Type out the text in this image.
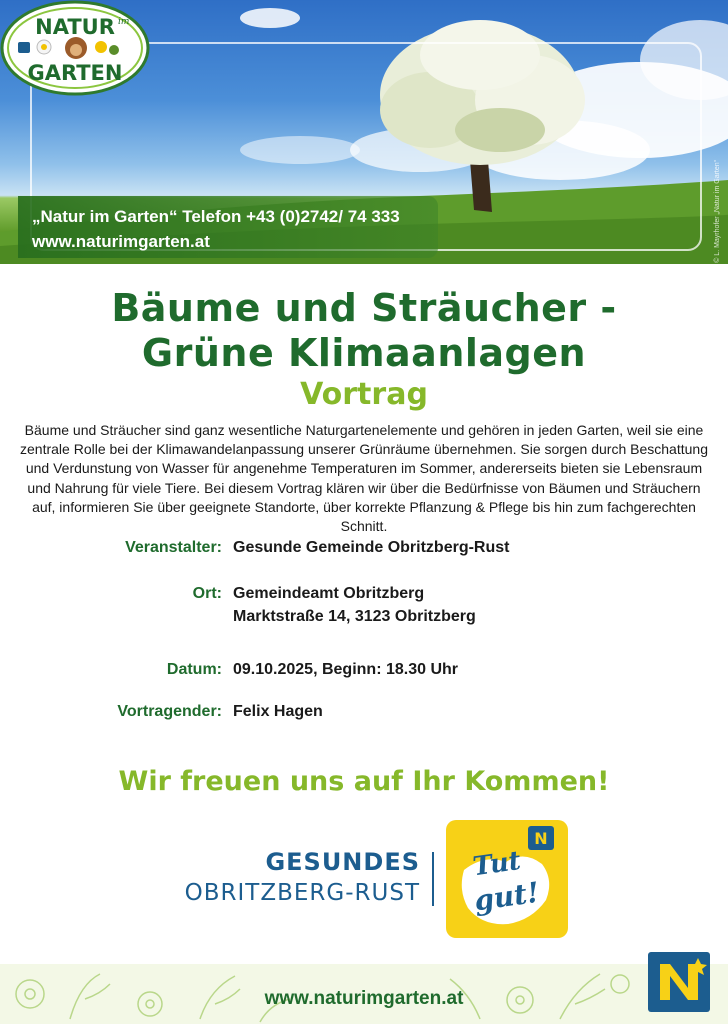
„Natur im Garten“ Telefon +43 (0)2742/ 74 333
www.naturimgarten.at	© L. Mayrhofer „Natur im Garten“
NATUR im
GARTEN
Bäume und Sträucher -
Grüne Klimaanlagen
Vortrag
Bäume und Sträucher sind ganz wesentliche Naturgartenelemente und gehören in jeden Garten, weil sie eine zentrale Rolle bei der Klimawandelanpassung unserer Grünräume übernehmen. Sie sorgen durch Beschattung und Verdunstung von Wasser für angenehme Temperaturen im Sommer, andererseits bieten sie Lebensraum und Nahrung für viele Tiere. Bei diesem Vortrag klären wir über die Bedürfnisse von Bäumen und Sträuchern auf, informieren Sie über geeignete Standorte, über korrekte Pflanzung & Pflege bis hin zum fachgerechten Schnitt.
Veranstalter: Gesunde Gemeinde Obritzberg-Rust
Ort: Gemeindeamt Obritzberg
Marktstraße 14, 3123 Obritzberg
Datum: 09.10.2025, Beginn: 18.30 Uhr
Vortragender: Felix Hagen
Wir freuen uns auf Ihr Kommen!
GESUNDES
OBRITZBERG-RUST
N
Tut
gut!
www.naturimgarten.at
